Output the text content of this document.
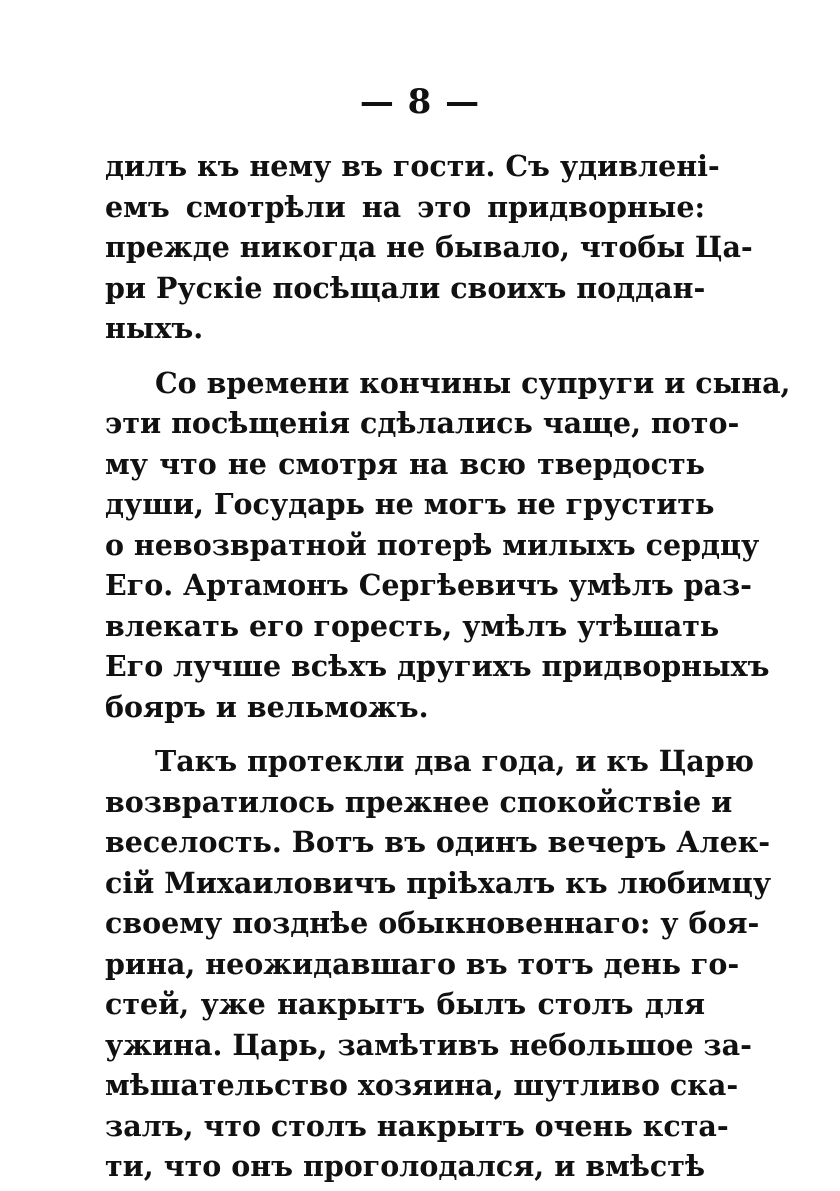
— 8 —
дилъ къ нему въ гости. Съ удивлені-
емъ смотрѣли на это придворные:
прежде никогда не бывало, чтобы Ца-
ри Рускіе посѣщали своихъ поддан-
ныхъ.
Со времени кончины супруги и сына,
эти посѣщенія сдѣлались чаще, пото-
му что не смотря на всю твердость
души, Государь не могъ не грустить
о невозвратной потерѣ милыхъ сердцу
Его. Артамонъ Сергѣевичъ умѣлъ раз-
влекать его горесть, умѣлъ утѣшать
Его лучше всѣхъ другихъ придворныхъ
бояръ и вельможъ.
Такъ протекли два года, и къ Царю
возвратилось прежнее спокойствіе и
веселость. Вотъ въ одинъ вечеръ Алек-
сій Михаиловичъ пріѣхалъ къ любимцу
своему позднѣе обыкновеннаго: у боя-
рина, неожидавшаго въ тотъ день го-
стей, уже накрытъ былъ столъ для
ужина. Царь, замѣтивъ небольшое за-
мѣшательство хозяина, шутливо ска-
залъ, что столъ накрытъ очень кста-
ти, что онъ проголодался, и вмѣстѣ
